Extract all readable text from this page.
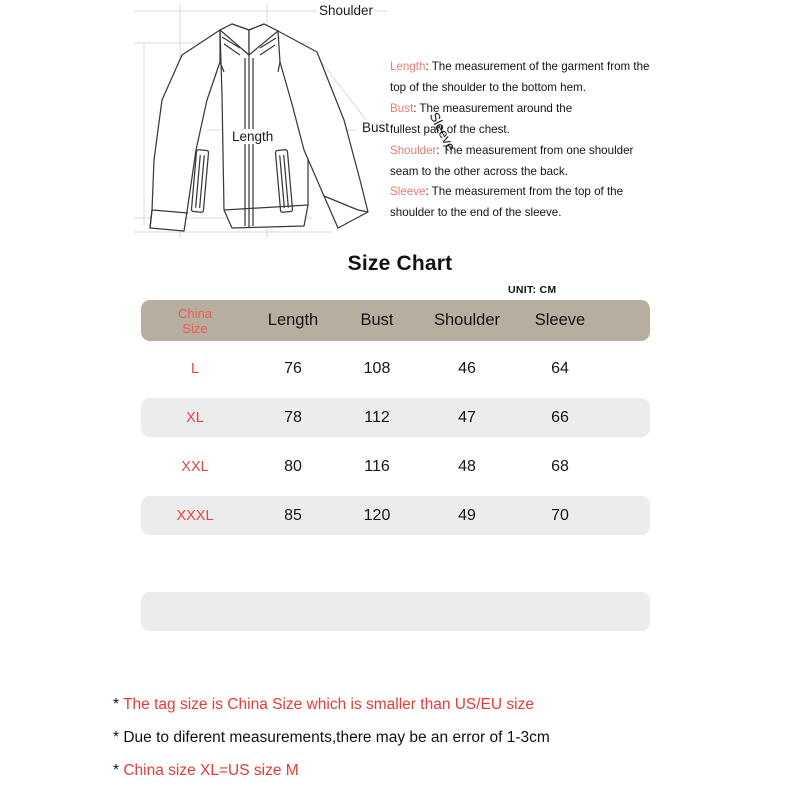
Shoulder
Length
Bust	Sleeve
Length: The measurement of the garment from the
top of the shoulder to the bottom hem.
Bust: The measurement around the
fullest part of the chest.
Shoulder: The measurement from one shoulder
seam to the other across the back.
Sleeve: The measurement from the top of the
shoulder to the end of the sleeve.
Size Chart
UNIT: CM
China
Size	Length	Bust	Shoulder	Sleeve
L	76	108	46	64
XL	78	112	47	66
XXL	80	116	48	68
XXXL	85	120	49	70
* The tag size is China Size which is smaller than US/EU size
* Due to diferent measurements,there may be an error of 1-3cm
* China size XL=US size M
